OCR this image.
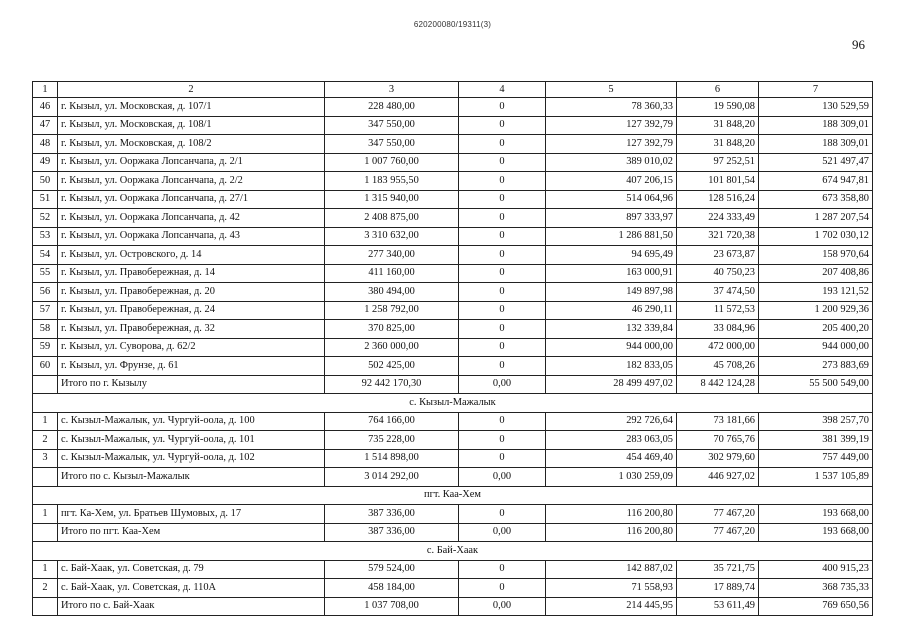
620200080/19311(3)
96
1	2	3	4	5	6	7
46	г. Кызыл, ул. Московская, д. 107/1	228 480,00	0	78 360,33	19 590,08	130 529,59
47	г. Кызыл, ул. Московская, д. 108/1	347 550,00	0	127 392,79	31 848,20	188 309,01
48	г. Кызыл, ул. Московская, д. 108/2	347 550,00	0	127 392,79	31 848,20	188 309,01
49	г. Кызыл, ул. Ооржака Лопсанчапа, д. 2/1	1 007 760,00	0	389 010,02	97 252,51	521 497,47
50	г. Кызыл, ул. Ооржака Лопсанчапа, д. 2/2	1 183 955,50	0	407 206,15	101 801,54	674 947,81
51	г. Кызыл, ул. Ооржака Лопсанчапа, д. 27/1	1 315 940,00	0	514 064,96	128 516,24	673 358,80
52	г. Кызыл, ул. Ооржака Лопсанчапа, д. 42	2 408 875,00	0	897 333,97	224 333,49	1 287 207,54
53	г. Кызыл, ул. Ооржака Лопсанчапа, д. 43	3 310 632,00	0	1 286 881,50	321 720,38	1 702 030,12
54	г. Кызыл, ул. Островского, д. 14	277 340,00	0	94 695,49	23 673,87	158 970,64
55	г. Кызыл, ул. Правобережная, д. 14	411 160,00	0	163 000,91	40 750,23	207 408,86
56	г. Кызыл, ул. Правобережная, д. 20	380 494,00	0	149 897,98	37 474,50	193 121,52
57	г. Кызыл, ул. Правобережная, д. 24	1 258 792,00	0	46 290,11	11 572,53	1 200 929,36
58	г. Кызыл, ул. Правобережная, д. 32	370 825,00	0	132 339,84	33 084,96	205 400,20
59	г. Кызыл, ул. Суворова, д. 62/2	2 360 000,00	0	944 000,00	472 000,00	944 000,00
60	г. Кызыл, ул. Фрунзе, д. 61	502 425,00	0	182 833,05	45 708,26	273 883,69
	Итого по г. Кызылу	92 442 170,30	0,00	28 499 497,02	8 442 124,28	55 500 549,00
с. Кызыл-Мажалык						
1	с. Кызыл-Мажалык, ул. Чургуй-оола, д. 100	764 166,00	0	292 726,64	73 181,66	398 257,70
2	с. Кызыл-Мажалык, ул. Чургуй-оола, д. 101	735 228,00	0	283 063,05	70 765,76	381 399,19
3	с. Кызыл-Мажалык, ул. Чургуй-оола, д. 102	1 514 898,00	0	454 469,40	302 979,60	757 449,00
	Итого по с. Кызыл-Мажалык	3 014 292,00	0,00	1 030 259,09	446 927,02	1 537 105,89
пгт. Каа-Хем						
1	пгт. Ка-Хем, ул. Братьев Шумовых, д. 17	387 336,00	0	116 200,80	77 467,20	193 668,00
	Итого по пгт. Каа-Хем	387 336,00	0,00	116 200,80	77 467,20	193 668,00
с. Бай-Хаак						
1	с. Бай-Хаак, ул. Советская, д. 79	579 524,00	0	142 887,02	35 721,75	400 915,23
2	с. Бай-Хаак, ул. Советская, д. 110А	458 184,00	0	71 558,93	17 889,74	368 735,33
	Итого по с. Бай-Хаак	1 037 708,00	0,00	214 445,95	53 611,49	769 650,56
